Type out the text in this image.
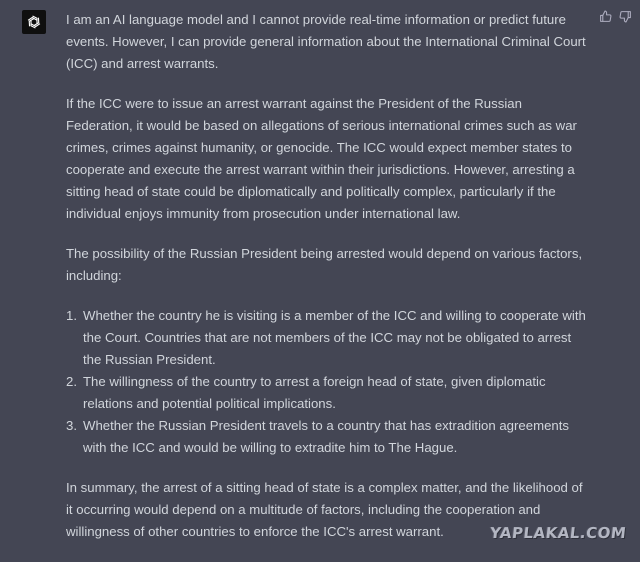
I am an AI language model and I cannot provide real-time information or predict future events. However, I can provide general information about the International Criminal Court (ICC) and arrest warrants.

If the ICC were to issue an arrest warrant against the President of the Russian Federation, it would be based on allegations of serious international crimes such as war crimes, crimes against humanity, or genocide. The ICC would expect member states to cooperate and execute the arrest warrant within their jurisdictions. However, arresting a sitting head of state could be diplomatically and politically complex, particularly if the individual enjoys immunity from prosecution under international law.

The possibility of the Russian President being arrested would depend on various factors, including:

1. Whether the country he is visiting is a member of the ICC and willing to cooperate with the Court. Countries that are not members of the ICC may not be obligated to arrest the Russian President.
2. The willingness of the country to arrest a foreign head of state, given diplomatic relations and potential political implications.
3. Whether the Russian President travels to a country that has extradition agreements with the ICC and would be willing to extradite him to The Hague.

In summary, the arrest of a sitting head of state is a complex matter, and the likelihood of it occurring would depend on a multitude of factors, including the cooperation and willingness of other countries to enforce the ICC's arrest warrant.	YAPLAKAL.COM
